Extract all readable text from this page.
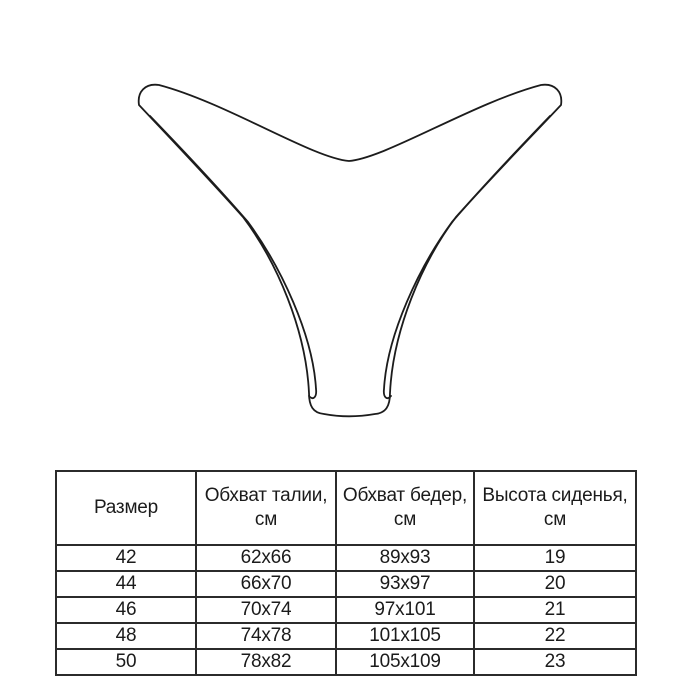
Размер

Обхват талии,
см

Обхват бедер,
см

Высота сиденья,
см

42	62x66	89x93	19
44	66x70	93x97	20
46	70x74	97x101	21
48	74x78	101x105	22
50	78x82	105x109	23
